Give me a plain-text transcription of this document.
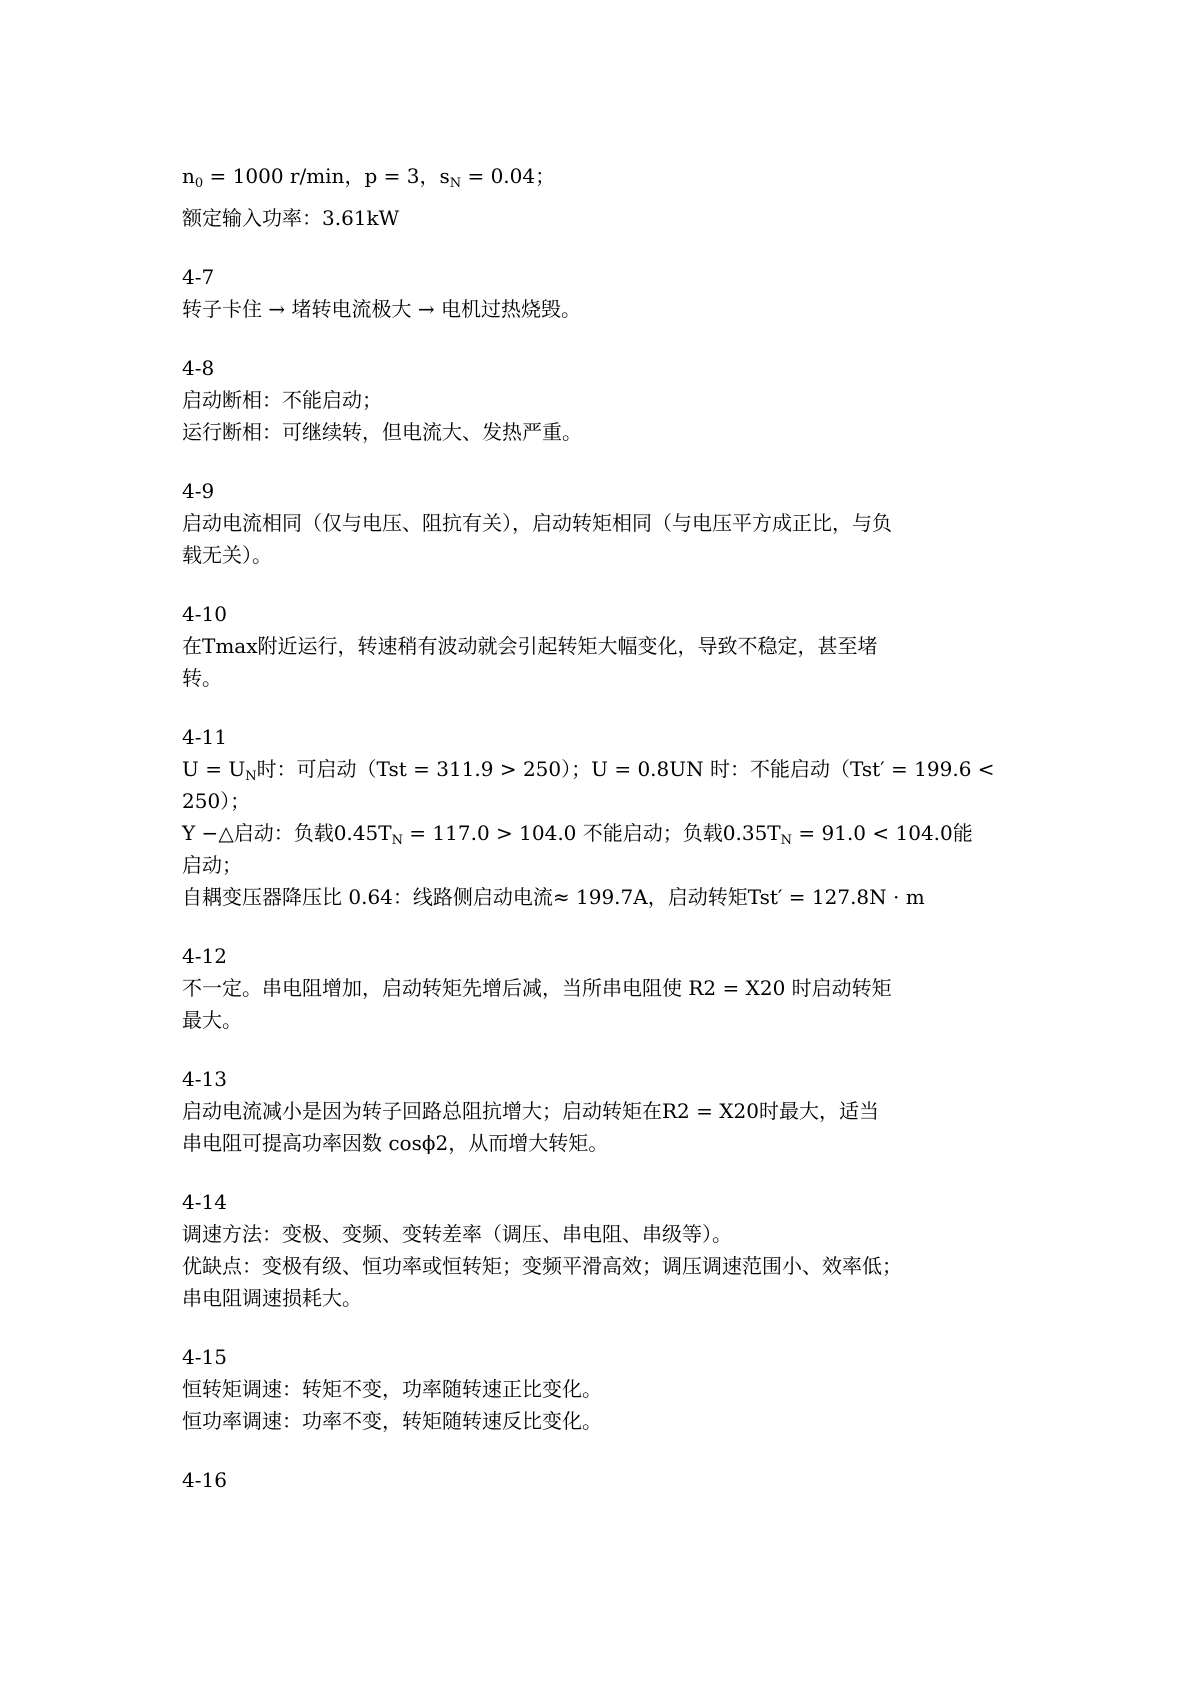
$n_0 = 1000$ r/min，p = 3，$s_N = 0.04$；
额定输入功率：3.61kW
4-7
转子卡住 → 堵转电流极大 → 电机过热烧毁。
4-8
启动断相：不能启动；
运行断相：可继续转，但电流大、发热严重。
4-9
启动电流相同（仅与电压、阻抗有关），启动转矩相同（与电压平方成正比，与负
载无关）。
4-10
在Tmax附近运行，转速稍有波动就会引起转矩大幅变化，导致不稳定，甚至堵
转。
4-11
$U = U_N$时：可启动（Tst = 311.9 > 250）；U = 0.8UN 时：不能启动（Tst′ = 199.6 <
250）；
Y −△启动：负载$0.45T_N = 117.0 > 104.0$ 不能启动；负载$0.35T_N = 91.0 < 104.0$能
启动；
自耦变压器降压比 0.64：线路侧启动电流≈ 199.7A，启动转矩Tst′ = 127.8N · m
4-12
不一定。串电阻增加，启动转矩先增后减，当所串电阻使 R2 = X20 时启动转矩
最大。
4-13
启动电流减小是因为转子回路总阻抗增大；启动转矩在R2 = X20时最大，适当
串电阻可提高功率因数 cosϕ2，从而增大转矩。
4-14
调速方法：变极、变频、变转差率（调压、串电阻、串级等）。
优缺点：变极有级、恒功率或恒转矩；变频平滑高效；调压调速范围小、效率低；
串电阻调速损耗大。
4-15
恒转矩调速：转矩不变，功率随转速正比变化。
恒功率调速：功率不变，转矩随转速反比变化。
4-16
